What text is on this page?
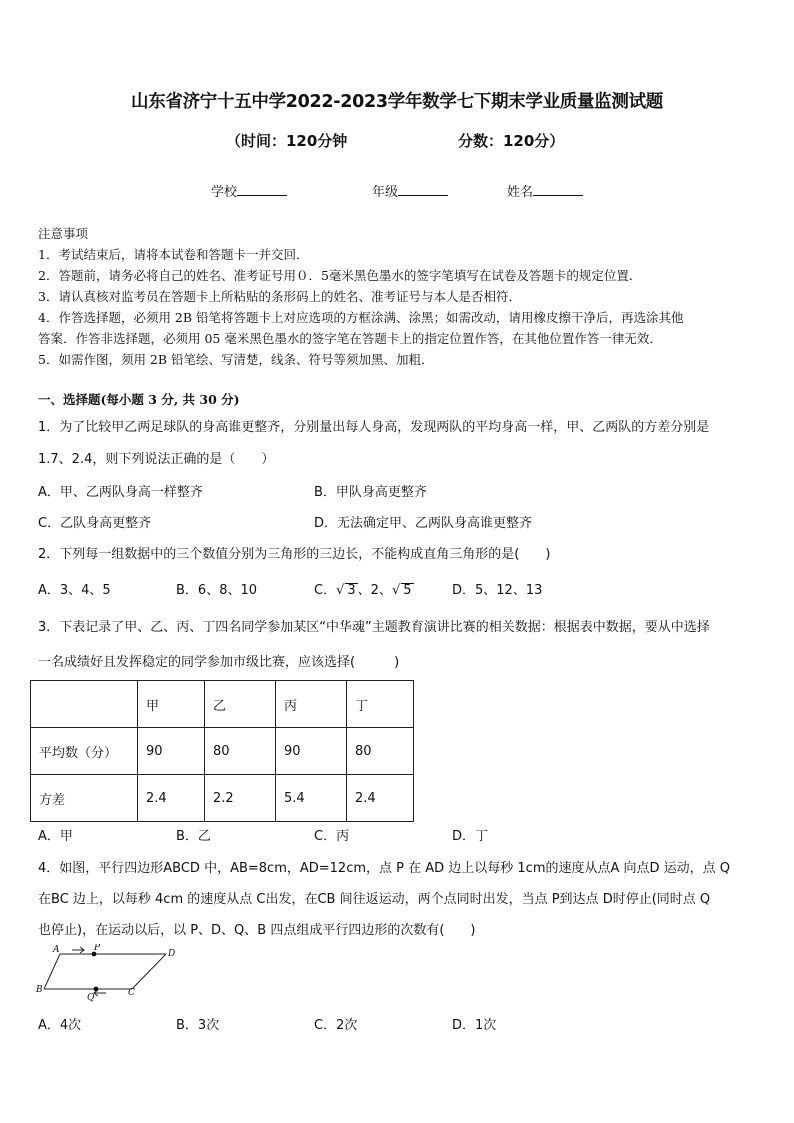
山东省济宁十五中学2022-2023学年数学七下期末学业质量监测试题
（时间：120分钟	分数：120分）
学校	年级	姓名
注意事项
1．考试结束后，请将本试卷和答题卡一并交回．
2．答题前，请务必将自己的姓名、准考证号用０．5毫米黑色墨水的签字笔填写在试卷及答题卡的规定位置．
3．请认真核对监考员在答题卡上所粘贴的条形码上的姓名、准考证号与本人是否相符．
4．作答选择题，必须用 2B 铅笔将答题卡上对应选项的方框涂满、涂黑；如需改动，请用橡皮擦干净后，再选涂其他
答案．作答非选择题，必须用 05 毫米黑色墨水的签字笔在答题卡上的指定位置作答，在其他位置作答一律无效．
5．如需作图，须用 2B 铅笔绘、写清楚，线条、符号等须加黑、加粗．
一、选择题(每小题 3 分, 共 30 分)
1．为了比较甲乙两足球队的身高谁更整齐，分别量出每人身高，发现两队的平均身高一样，甲、乙两队的方差分别是
1.7、2.4，则下列说法正确的是（　　）
A．甲、乙两队身高一样整齐	B．甲队身高更整齐
C．乙队身高更整齐	D．无法确定甲、乙两队身高谁更整齐
2．下列每一组数据中的三个数值分别为三角形的三边长，不能构成直角三角形的是(　　)
A．3、4、5	B．6、8、10	C．√ 3 、2、√ 5	D．5、12、13
3．下表记录了甲、乙、丙、丁四名同学参加某区“中华魂”主题教育演讲比赛的相关数据：根据表中数据，要从中选择
一名成绩好且发挥稳定的同学参加市级比赛，应该选择(　　　)
	甲	乙	丙	丁
平均数（分）	90	80	90	80
方差	2.4	2.2	5.4	2.4
A．甲	B．乙	C．丙	D．丁
4．如图，平行四边形ABCD 中，AB=8cm，AD=12cm，点 P 在 AD 边上以每秒 1cm的速度从点A 向点D 运动，点 Q
在BC 边上，以每秒 4cm 的速度从点 C出发，在CB 间往返运动，两个点同时出发，当点 P到达点 D时停止(同时点 Q
也停止)，在运动以后，以 P、D、Q、B 四点组成平行四边形的次数有(　　)
A	P
D
B
Q	C
A．4次	B．3次	C．2次	D．1次
